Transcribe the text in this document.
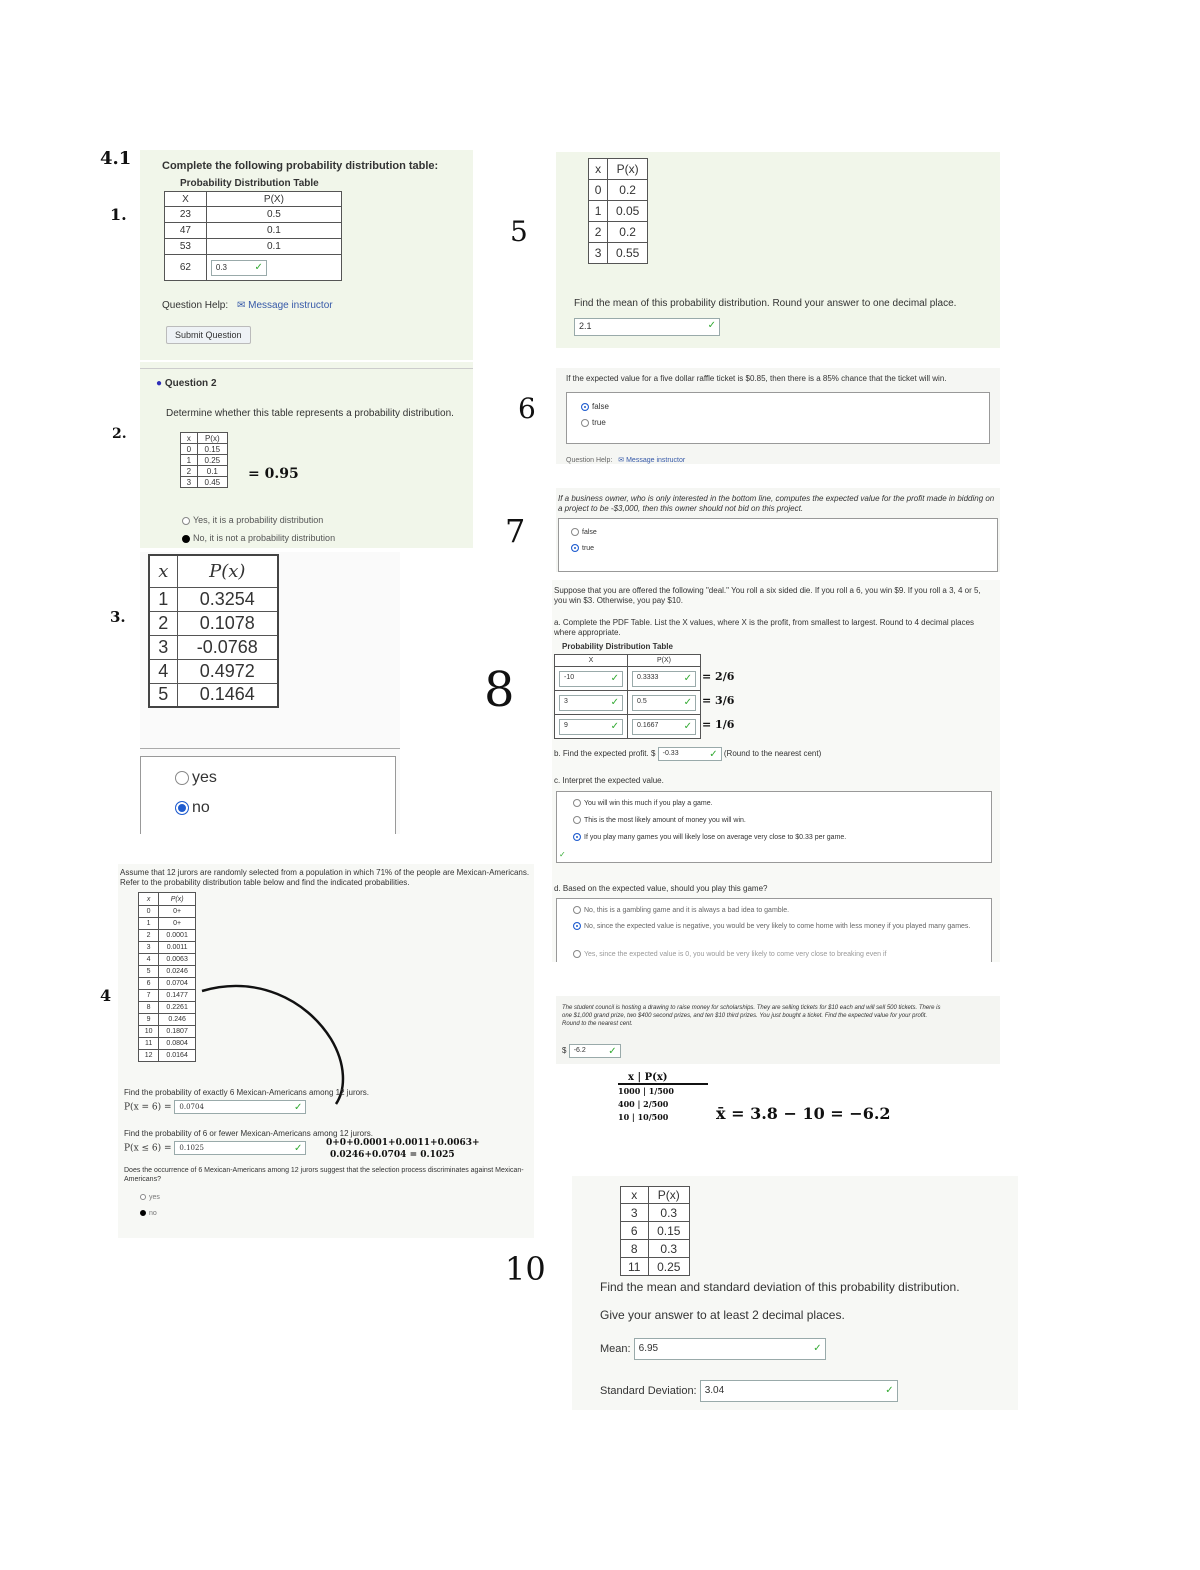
4.1
1.
2.
3.
4
5
6
7
8
10
Complete the following probability distribution table:
Probability Distribution Table
X	P(X)
23	0.5
47	0.1
53	0.1
62	0.3 ✓
Question Help: ✉ Message instructor
Submit Question
● Question 2
Determine whether this table represents a probability distribution.
x	P(x)
0	0.15
1	0.25
2	0.1
3	0.45 = 0.95
Yes, it is a probability distribution
No, it is not a probability distribution
x	P(x)
1	0.3254
2	0.1078
3	-0.0768
4	0.4972
5	0.1464
yes
no
Assume that 12 jurors are randomly selected from a population in which 71% of the people are Mexican-Americans. Refer to the probability distribution table below and find the indicated probabilities.
x	P(x)
0	0+
1	0+
2	0.0001
3	0.0011
4	0.0063
5	0.0246
6	0.0704
7	0.1477
8	0.2261
9	0.246
10	0.1807
11	0.0804
12	0.0164
Find the probability of exactly 6 Mexican-Americans among 12 jurors.
P(x = 6) = 0.0704	✓
Find the probability of 6 or fewer Mexican-Americans among 12 jurors.
P(x ≤ 6) = 0.1025	✓	0+0+0.0001+0.0011+0.0063+
0.0246+0.0704 = 0.1025
Does the occurrence of 6 Mexican-Americans among 12 jurors suggest that the selection process discriminates against Mexican-Americans?
yes
no
x	P(x)
0	0.2
1	0.05
2	0.2
3	0.55
Find the mean of this probability distribution. Round your answer to one decimal place.
2.1	✓
If the expected value for a five dollar raffle ticket is $0.85, then there is a 85% chance that the ticket will win.
false
true
Question Help: ✉ Message instructor
If a business owner, who is only interested in the bottom line, computes the expected value for the profit made in bidding on a project to be -$3,000, then this owner should not bid on this project.
false
true
Suppose that you are offered the following "deal." You roll a six sided die. If you roll a 6, you win $9. If you roll a 3, 4 or 5, you win $3. Otherwise, you pay $10.
a. Complete the PDF Table. List the X values, where X is the profit, from smallest to largest. Round to 4 decimal places where appropriate.
Probability Distribution Table
X	P(X)
-10 ✓	0.3333 ✓

3 ✓	0.5 ✓

9 ✓	0.1667 ✓
= 2/6
= 3/6
= 1/6
b. Find the expected profit. $ -0.33	✓ (Round to the nearest cent)
c. Interpret the expected value.
You will win this much if you play a game.
This is the most likely amount of money you will win.
If you play many games you will likely lose on average very close to $0.33 per game.
✓
d. Based on the expected value, should you play this game?
No, this is a gambling game and it is always a bad idea to gamble.
No, since the expected value is negative, you would be very likely to come home with less money if you played many games.
Yes, since the expected value is 0, you would be very likely to come very close to breaking even if
The student council is hosting a drawing to raise money for scholarships. They are selling tickets for $10 each and will sell 500 tickets. There is one $1,000 grand prize, two $400 second prizes, and ten $10 third prizes. You just bought a ticket. Find the expected value for your profit. Round to the nearest cent.
$ -6.2 ✓
x | P(x)
1000 | 1/500
400 | 2/500
10 | 10/500	x̄ = 3.8 − 10 = −6.2
x	P(x)
3	0.3
6	0.15
8	0.3
11	0.25
Find the mean and standard deviation of this probability distribution.
Give your answer to at least 2 decimal places.
Mean: 6.95	✓
Standard Deviation: 3.04	✓
